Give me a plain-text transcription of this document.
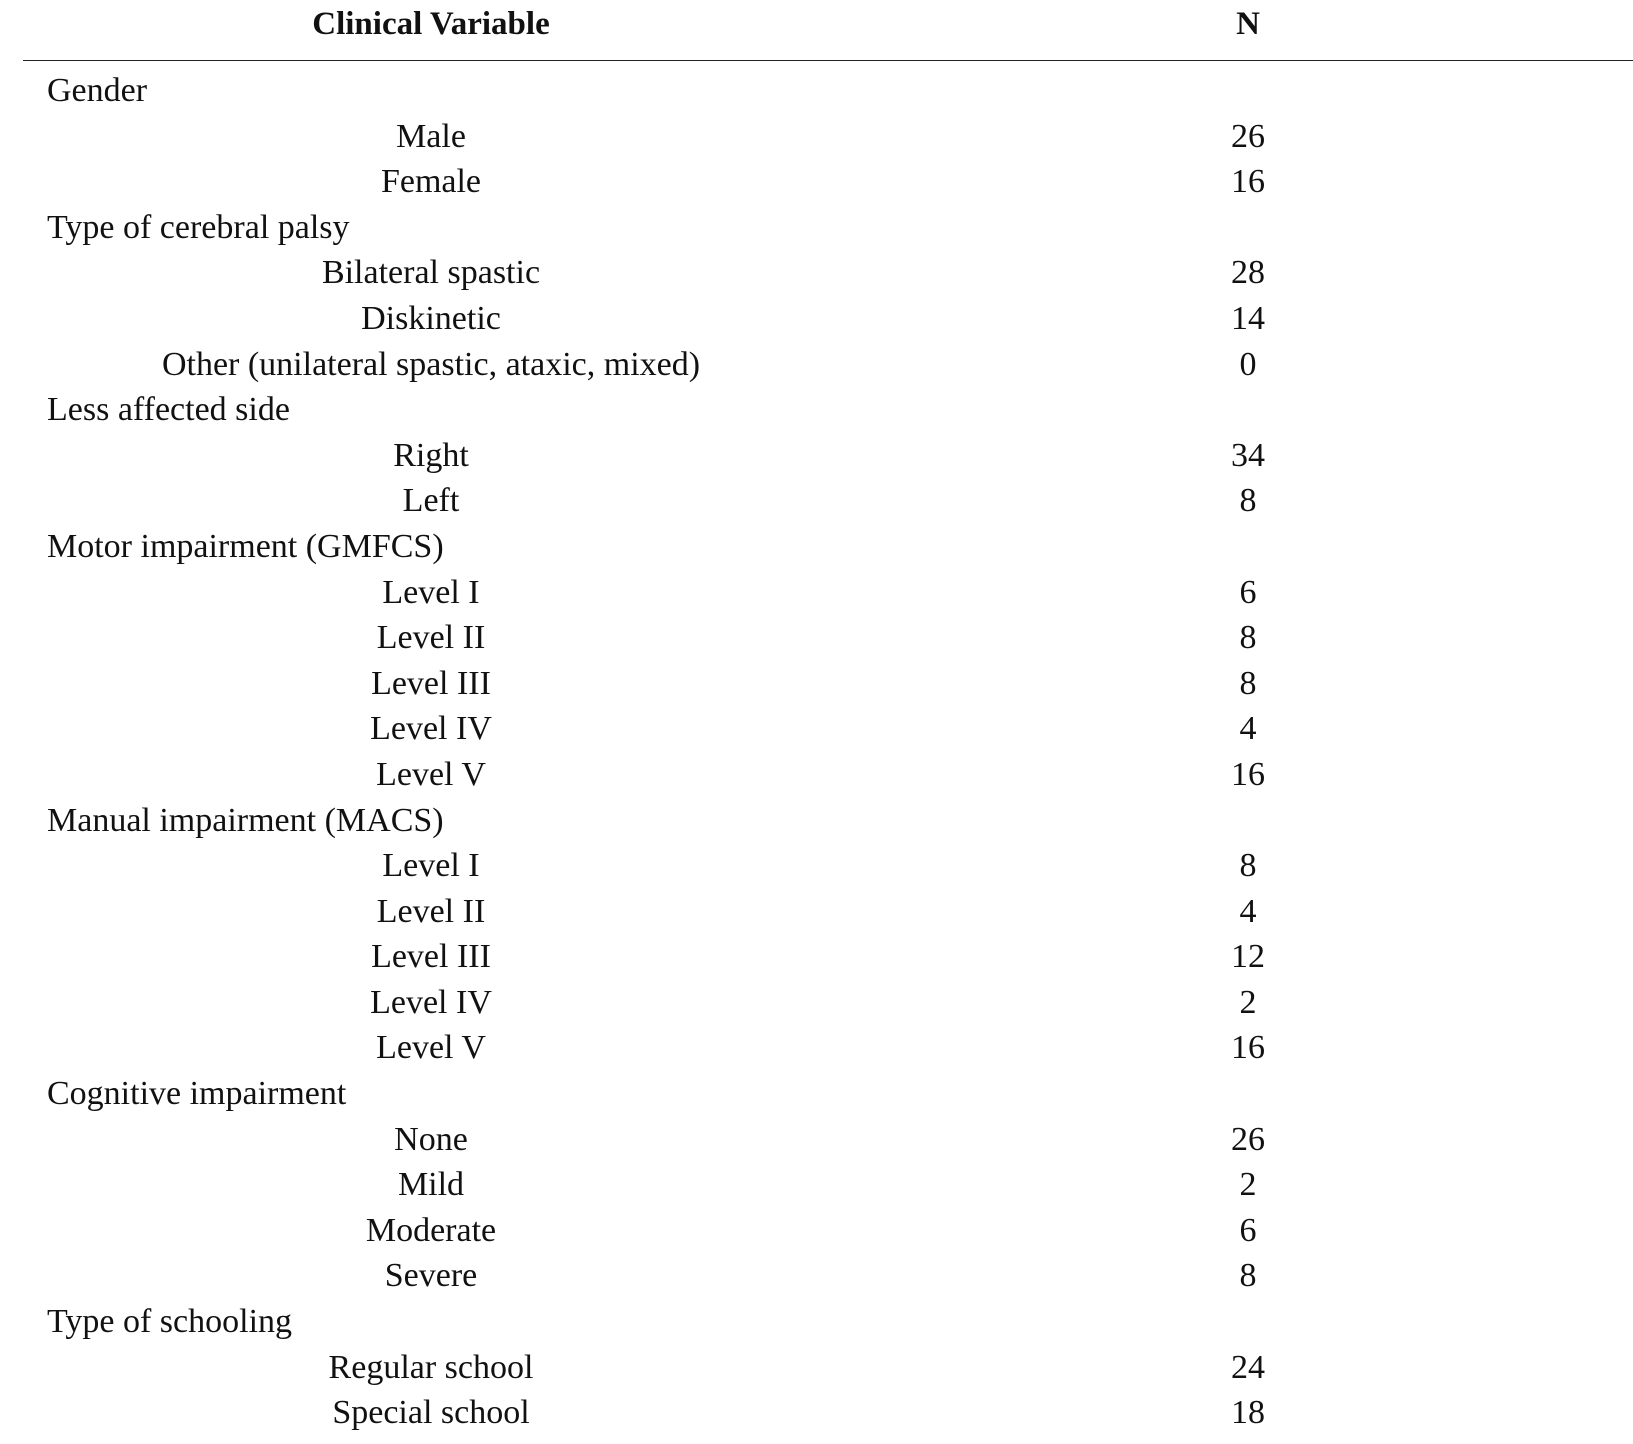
Clinical Variable	N
Gender
Male	26
Female	16
Type of cerebral palsy
Bilateral spastic	28
Diskinetic	14
Other (unilateral spastic, ataxic, mixed)	0
Less affected side
Right	34
Left	8
Motor impairment (GMFCS)
Level I	6
Level II	8
Level III	8
Level IV	4
Level V	16
Manual impairment (MACS)
Level I	8
Level II	4
Level III	12
Level IV	2
Level V	16
Cognitive impairment
None	26
Mild	2
Moderate	6
Severe	8
Type of schooling
Regular school	24
Special school	18
